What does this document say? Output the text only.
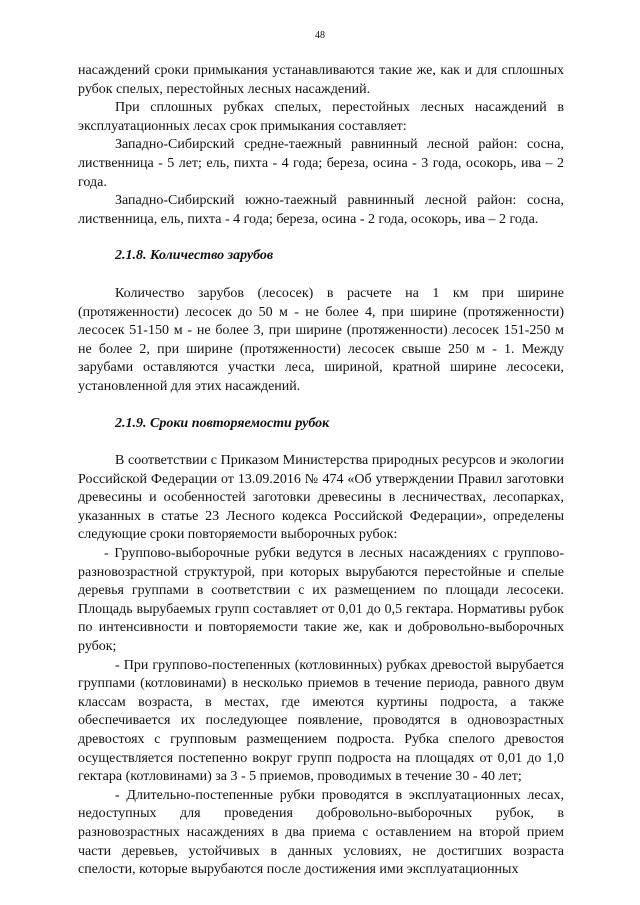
48

насаждений сроки примыкания устанавливаются такие же, как и для сплошных рубок спелых, перестойных лесных насаждений.

При сплошных рубках спелых, перестойных лесных насаждений в эксплуатационных лесах срок примыкания составляет:

Западно-Сибирский средне-таежный равнинный лесной район: сосна, лиственница - 5 лет; ель, пихта - 4 года; береза, осина - 3 года, осокорь, ива – 2 года.

Западно-Сибирский южно-таежный равнинный лесной район: сосна, лиственница, ель, пихта - 4 года; береза, осина - 2 года, осокорь, ива – 2 года.

2.1.8. Количество зарубов

Количество зарубов (лесосек) в расчете на 1 км при ширине (протяженности) лесосек до 50 м - не более 4, при ширине (протяженности) лесосек 51-150 м - не более 3, при ширине (протяженности) лесосек 151-250 м не более 2, при ширине (протяженности) лесосек свыше 250 м - 1. Между зарубами оставляются участки леса, шириной, кратной ширине лесосеки, установленной для этих насаждений.

2.1.9. Сроки повторяемости рубок

В соответствии с Приказом Министерства природных ресурсов и экологии Российской Федерации от 13.09.2016 № 474 «Об утверждении Правил заготовки древесины и особенностей заготовки древесины в лесничествах, лесопарках, указанных в статье 23 Лесного кодекса Российской Федерации», определены следующие сроки повторяемости выборочных рубок:

- Группово-выборочные рубки ведутся в лесных насаждениях с группово-разновозрастной структурой, при которых вырубаются перестойные и спелые деревья группами в соответствии с их размещением по площади лесосеки. Площадь вырубаемых групп составляет от 0,01 до 0,5 гектара. Нормативы рубок по интенсивности и повторяемости такие же, как и добровольно-выборочных рубок;

- При группово-постепенных (котловинных) рубках древостой вырубается группами (котловинами) в несколько приемов в течение периода, равного двум классам возраста, в местах, где имеются куртины подроста, а также обеспечивается их последующее появление, проводятся в одновозрастных древостоях с групповым размещением подроста. Рубка спелого древостоя осуществляется постепенно вокруг групп подроста на площадях от 0,01 до 1,0 гектара (котловинами) за 3 - 5 приемов, проводимых в течение 30 - 40 лет;

- Длительно-постепенные рубки проводятся в эксплуатационных лесах, недоступных для проведения добровольно-выборочных рубок, в разновозрастных насаждениях в два приема с оставлением на второй прием части деревьев, устойчивых в данных условиях, не достигших возраста спелости, которые вырубаются после достижения ими эксплуатационных
